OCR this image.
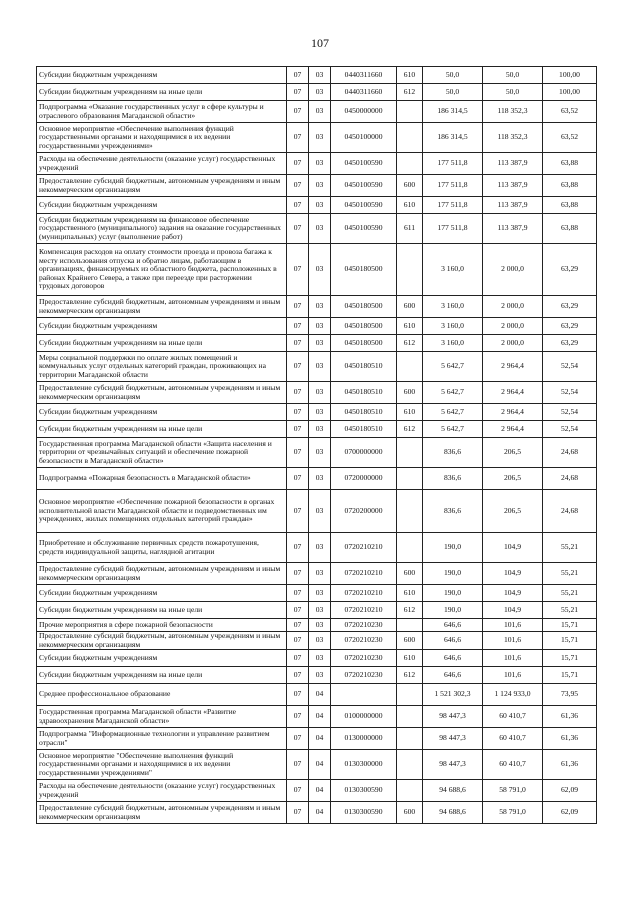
107
Субсидии бюджетным учреждениям	07	03	0440311660	610	50,0	50,0	100,00
Субсидии бюджетным учреждениям на иные цели	07	03	0440311660	612	50,0	50,0	100,00
Подпрограмма «Оказание государственных услуг в сфере культуры и отраслевого образования Магаданской области»	07	03	0450000000		186 314,5	118 352,3	63,52
Основное мероприятие «Обеспечение выполнения функций государственными органами и находящимися в их ведении государственными учреждениями»	07	03	0450100000		186 314,5	118 352,3	63,52
Расходы на обеспечение деятельности (оказание услуг) государственных учреждений	07	03	0450100590		177 511,8	113 387,9	63,88
Предоставление субсидий бюджетным, автономным учреждениям и иным некоммерческим организациям	07	03	0450100590	600	177 511,8	113 387,9	63,88
Субсидии бюджетным учреждениям	07	03	0450100590	610	177 511,8	113 387,9	63,88
Субсидии бюджетным учреждениям на финансовое обеспечение государственного (муниципального) задания на оказание государственных (муниципальных) услуг (выполнение работ)	07	03	0450100590	611	177 511,8	113 387,9	63,88
Компенсация расходов на оплату стоимости проезда и провоза багажа к месту использования отпуска и обратно лицам, работающим в организациях, финансируемых из областного бюджета, расположенных в районах Крайнего Севера, а также при переезде при расторжении трудовых договоров	07	03	0450180500		3 160,0	2 000,0	63,29
Предоставление субсидий бюджетным, автономным учреждениям и иным некоммерческим организациям	07	03	0450180500	600	3 160,0	2 000,0	63,29
Субсидии бюджетным учреждениям	07	03	0450180500	610	3 160,0	2 000,0	63,29
Субсидии бюджетным учреждениям на иные цели	07	03	0450180500	612	3 160,0	2 000,0	63,29
Меры социальной поддержки по оплате жилых помещений и коммунальных услуг отдельных категорий граждан, проживающих на территории Магаданской области	07	03	0450180510		5 642,7	2 964,4	52,54
Предоставление субсидий бюджетным, автономным учреждениям и иным некоммерческим организациям	07	03	0450180510	600	5 642,7	2 964,4	52,54
Субсидии бюджетным учреждениям	07	03	0450180510	610	5 642,7	2 964,4	52,54
Субсидии бюджетным учреждениям на иные цели	07	03	0450180510	612	5 642,7	2 964,4	52,54
Государственная программа Магаданской области «Защита населения и территории от чрезвычайных ситуаций и обеспечение пожарной безопасности в Магаданской области»	07	03	0700000000		836,6	206,5	24,68
Подпрограмма «Пожарная безопасность в Магаданской области»	07	03	0720000000		836,6	206,5	24,68
Основное мероприятие «Обеспечение пожарной безопасности в органах исполнительной власти Магаданской области и подведомственных им учреждениях, жилых помещениях отдельных категорий граждан»	07	03	0720200000		836,6	206,5	24,68
Приобретение и обслуживание первичных средств пожаротушения, средств индивидуальной защиты, наглядной агитации	07	03	0720210210		190,0	104,9	55,21
Предоставление субсидий бюджетным, автономным учреждениям и иным некоммерческим организациям	07	03	0720210210	600	190,0	104,9	55,21
Субсидии бюджетным учреждениям	07	03	0720210210	610	190,0	104,9	55,21
Субсидии бюджетным учреждениям на иные цели	07	03	0720210210	612	190,0	104,9	55,21
Прочие мероприятия в сфере пожарной безопасности	07	03	0720210230		646,6	101,6	15,71
Предоставление субсидий бюджетным, автономным учреждениям и иным некоммерческим организациям	07	03	0720210230	600	646,6	101,6	15,71
Субсидии бюджетным учреждениям	07	03	0720210230	610	646,6	101,6	15,71
Субсидии бюджетным учреждениям на иные цели	07	03	0720210230	612	646,6	101,6	15,71
Среднее профессиональное образование	07	04			1 521 302,3	1 124 933,0	73,95
Государственная программа Магаданской области «Развитие здравоохранения Магаданской области»	07	04	0100000000		98 447,3	60 410,7	61,36
Подпрограмма "Информационные технологии и управление развитием отрасли"	07	04	0130000000		98 447,3	60 410,7	61,36
Основное мероприятие "Обеспечение выполнения функций государственными органами и находящимися в их ведении государственными учреждениями"	07	04	0130300000		98 447,3	60 410,7	61,36
Расходы на обеспечение деятельности (оказание услуг) государственных учреждений	07	04	0130300590		94 688,6	58 791,0	62,09
Предоставление субсидий бюджетным, автономным учреждениям и иным некоммерческим организациям	07	04	0130300590	600	94 688,6	58 791,0	62,09
